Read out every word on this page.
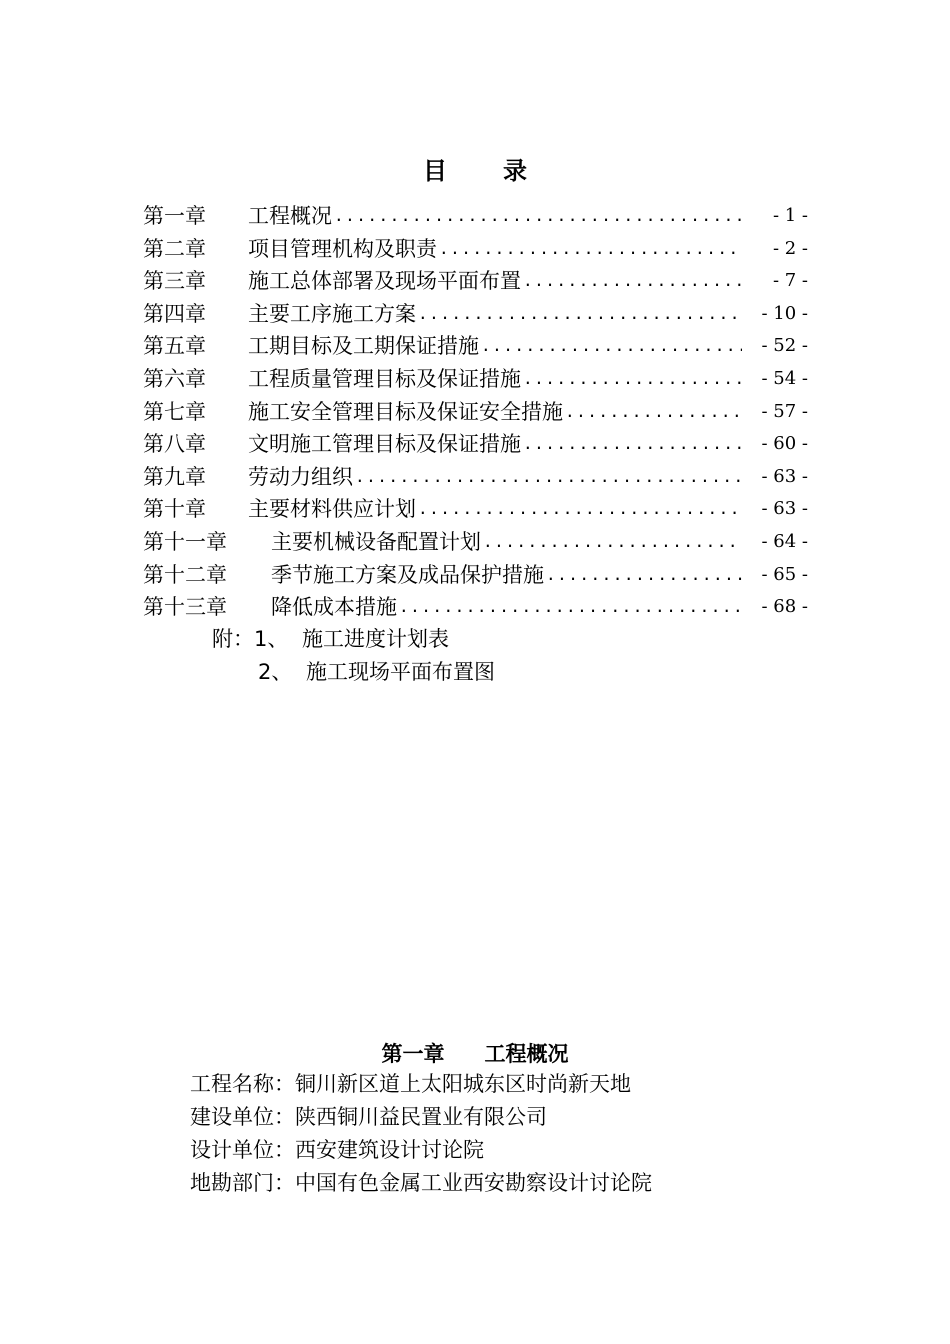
目 录
第一章	工程概况 .....	- 1 -
第二章	项目管理机构及职责 .....	- 2 -
第三章	施工总体部署及现场平面布置 .....	- 7 -
第四章	主要工序施工方案 .....	- 10 -
第五章	工期目标及工期保证措施 .....	- 52 -
第六章	工程质量管理目标及保证措施 .....	- 54 -
第七章	施工安全管理目标及保证安全措施 .....	- 57 -
第八章	文明施工管理目标及保证措施 .....	- 60 -
第九章	劳动力组织 .....	- 63 -
第十章	主要材料供应计划 .....	- 63 -
第十一章	主要机械设备配置计划 .....	- 64 -
第十二章	季节施工方案及成品保护措施 .....	- 65 -
第十三章	降低成本措施 .....	- 68 -
附：1、 施工进度计划表
2、 施工现场平面布置图
第一章 工程概况
工程名称：铜川新区道上太阳城东区时尚新天地
建设单位：陕西铜川益民置业有限公司
设计单位：西安建筑设计讨论院
地勘部门：中国有色金属工业西安勘察设计讨论院
